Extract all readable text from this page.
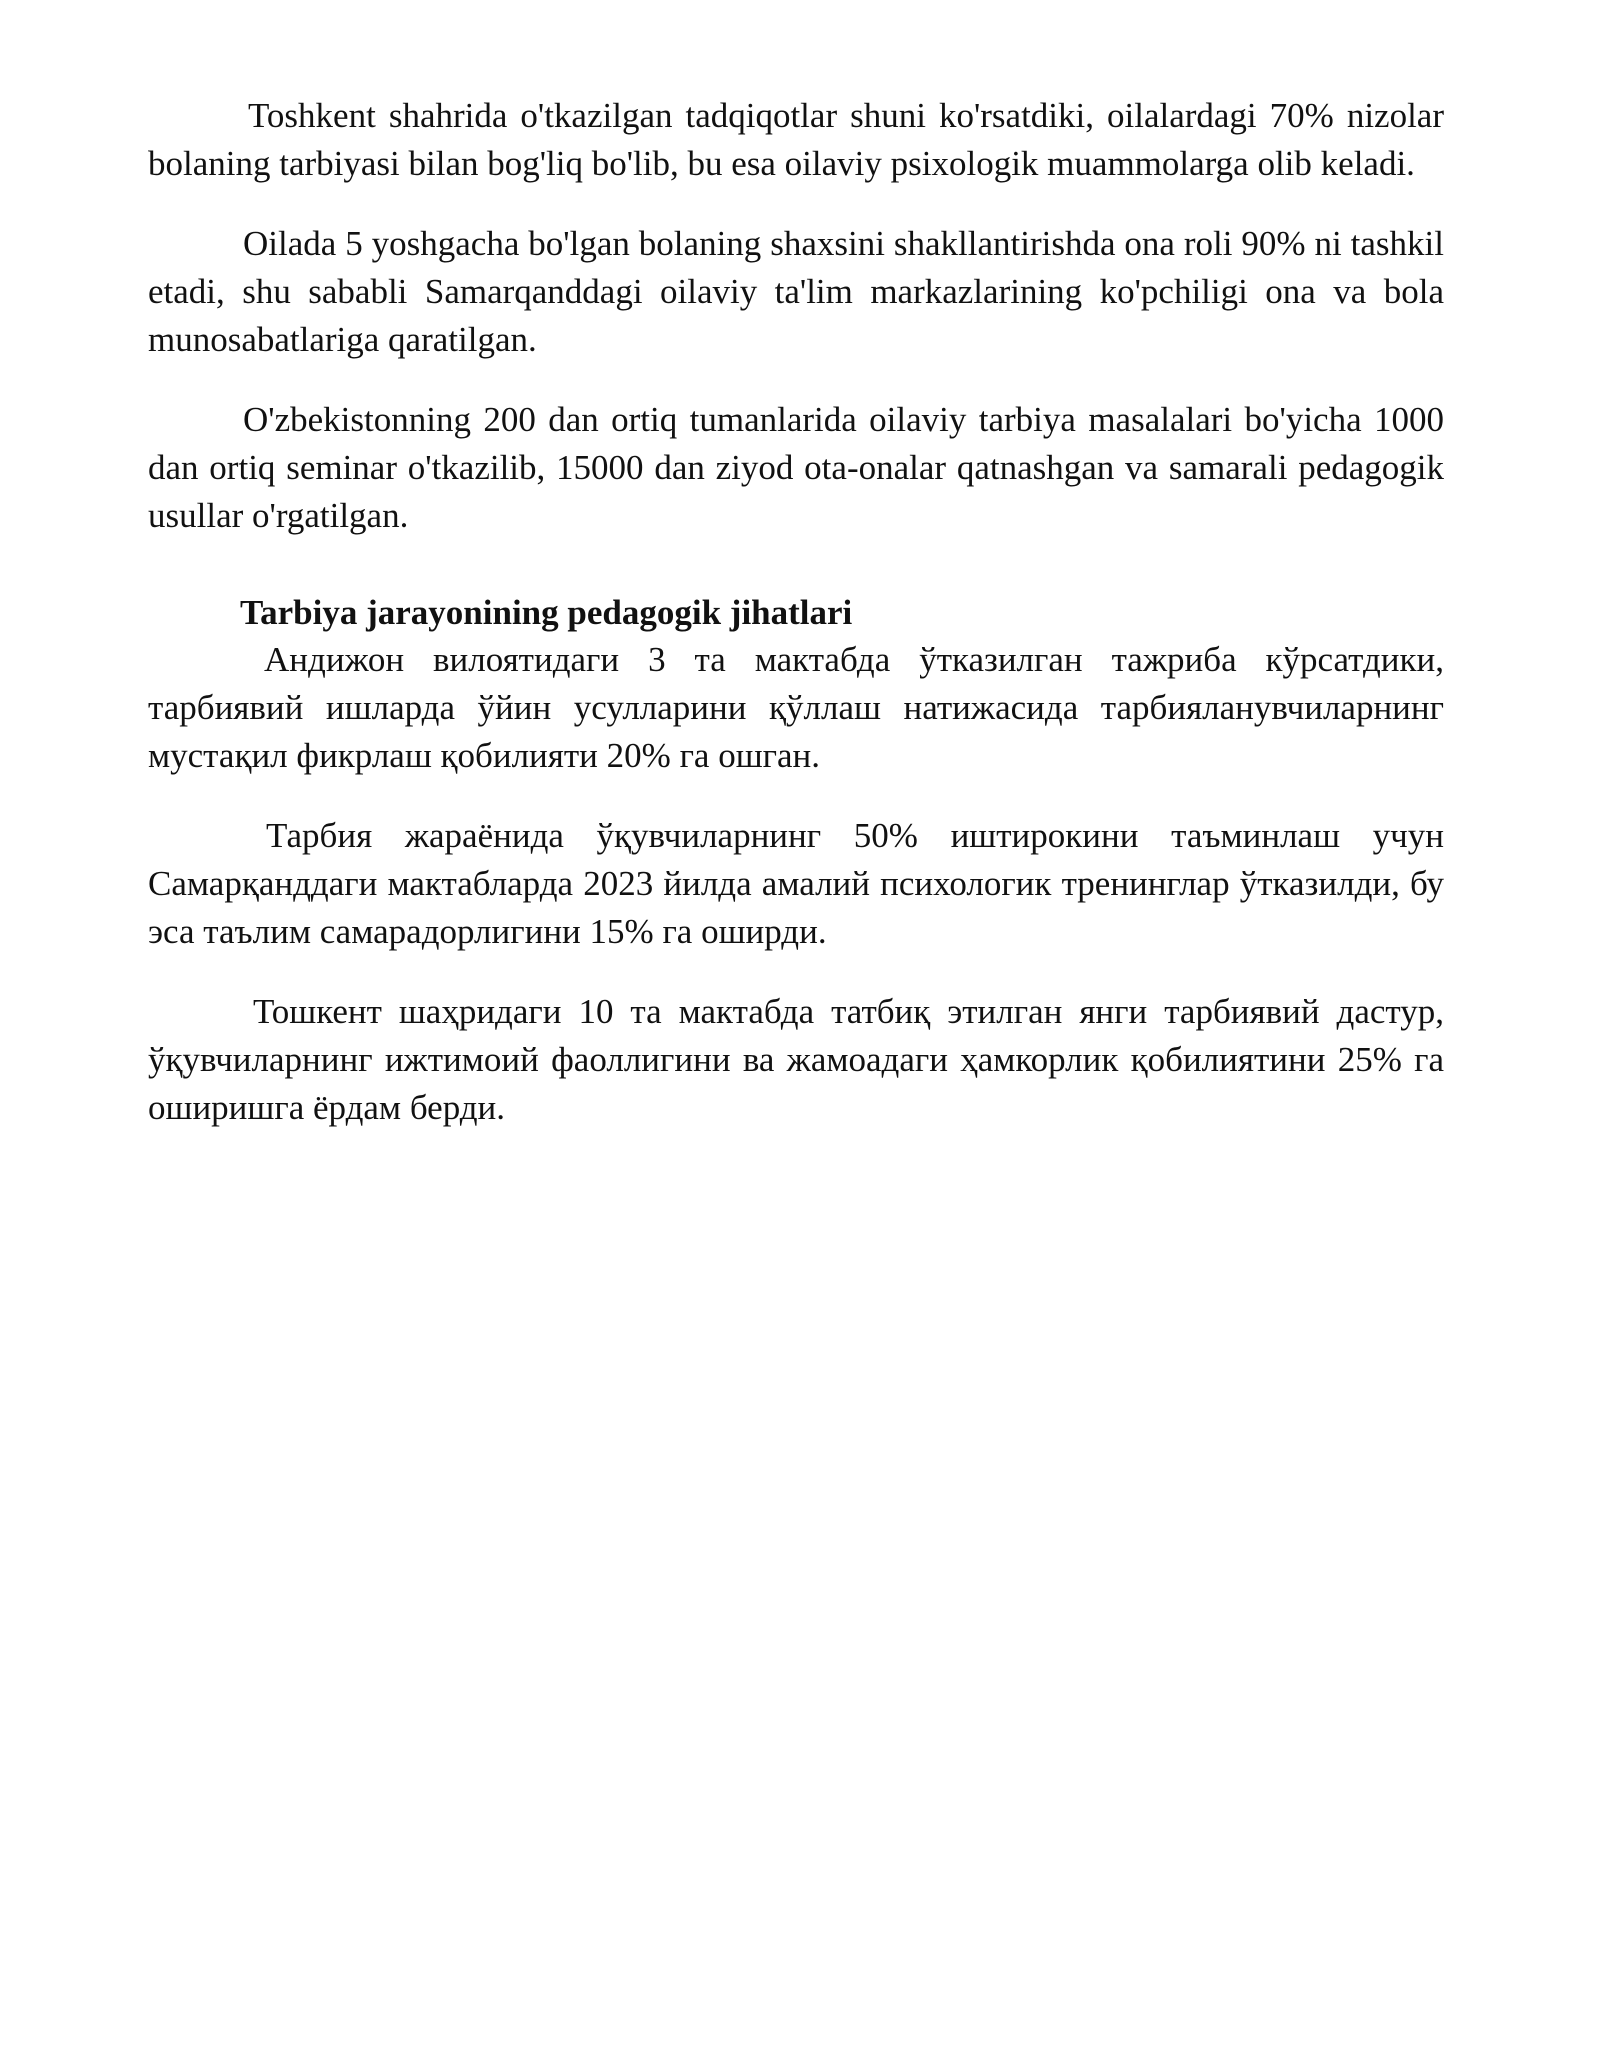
Toshkent shahrida o'tkazilgan tadqiqotlar shuni ko'rsatdiki, oilalardagi 70% nizolar bolaning tarbiyasi bilan bog'liq bo'lib, bu esa oilaviy psixologik muammolarga olib keladi.

Oilada 5 yoshgacha bo'lgan bolaning shaxsini shakllantirishda ona roli 90% ni tashkil etadi, shu sababli Samarqanddagi oilaviy ta'lim markazlarining ko'pchiligi ona va bola munosabatlariga qaratilgan.

O'zbekistonning 200 dan ortiq tumanlarida oilaviy tarbiya masalalari bo'yicha 1000 dan ortiq seminar o'tkazilib, 15000 dan ziyod ota-onalar qatnashgan va samarali pedagogik usullar o'rgatilgan.

Tarbiya jarayonining pedagogik jihatlari

Андижон вилоятидаги 3 та мактабда ўтказилган тажриба кўрсатдики, тарбиявий ишларда ўйин усулларини қўллаш натижасида тарбияланувчиларнинг мустақил фикрлаш қобилияти 20% га ошган.

Тарбия жараёнида ўқувчиларнинг 50% иштирокини таъминлаш учун Самарқанддаги мактабларда 2023 йилда амалий психологик тренинглар ўтказилди, бу эса таълим самарадорлигини 15% га оширди.

Тошкент шаҳридаги 10 та мактабда татбиқ этилган янги тарбиявий дастур, ўқувчиларнинг ижтимоий фаоллигини ва жамоадаги ҳамкорлик қобилиятини 25% га оширишга ёрдам берди.
